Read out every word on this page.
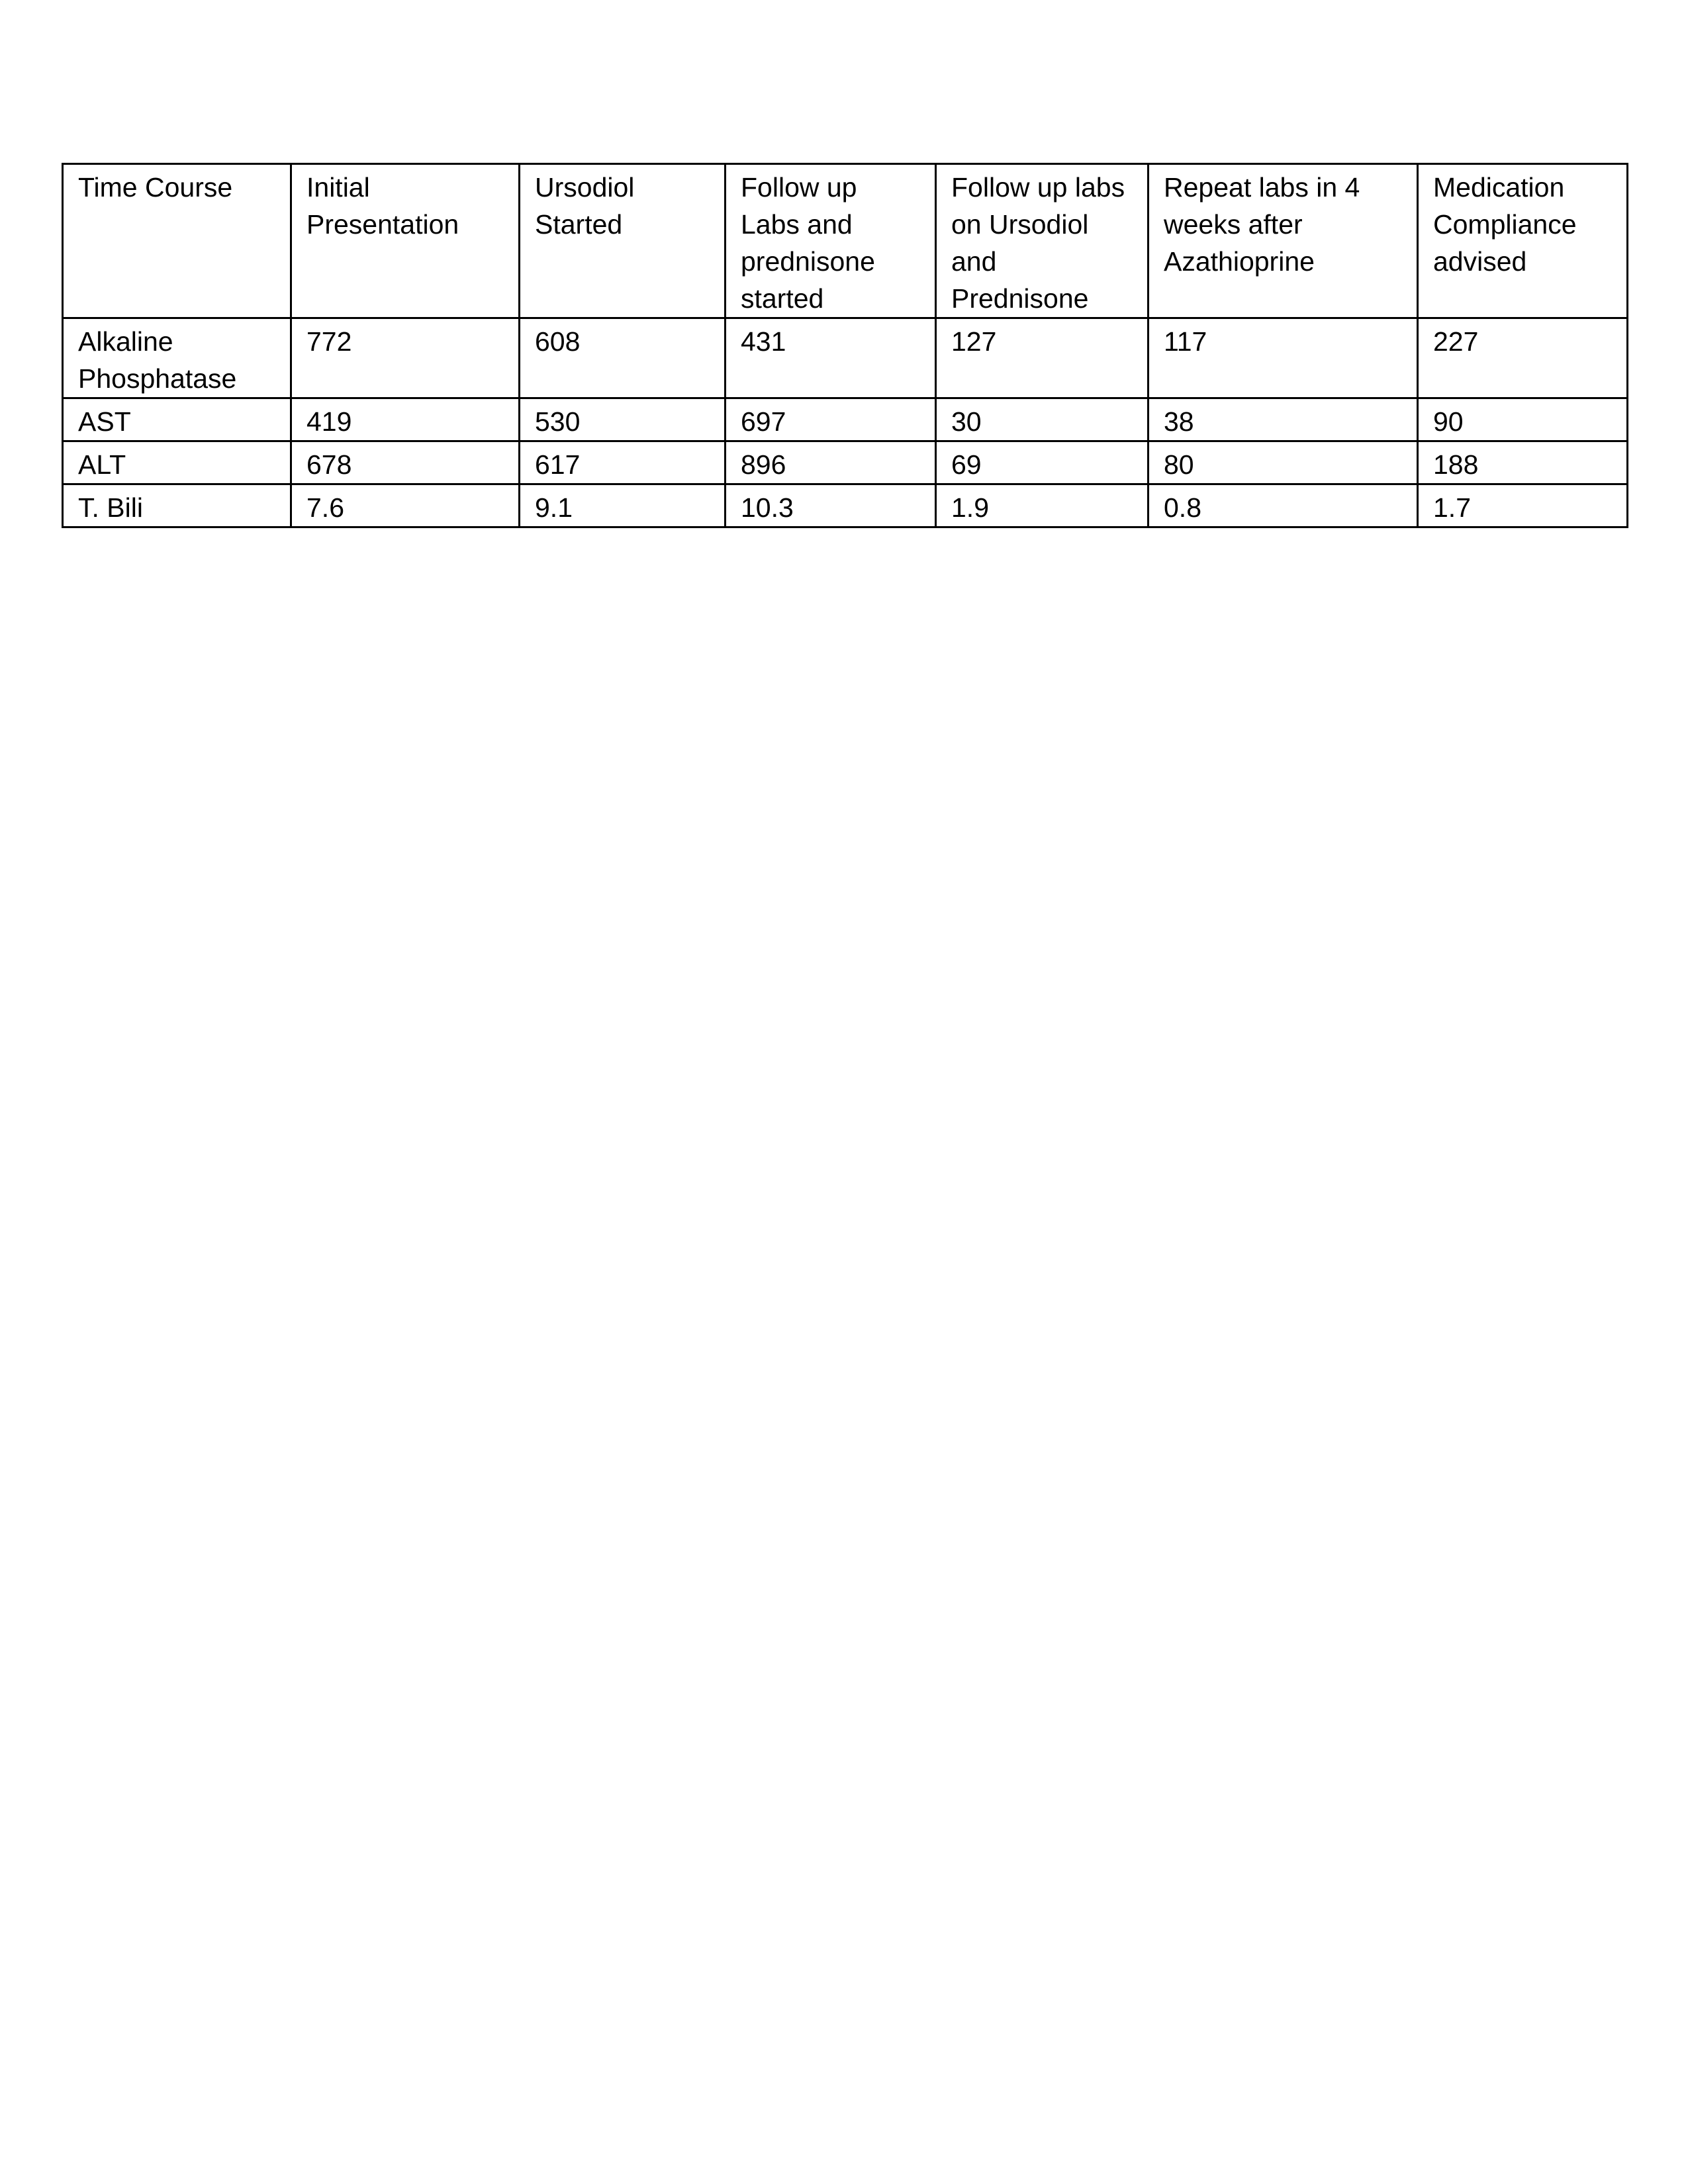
Time Course	Initial Presentation	Ursodiol Started	Follow up Labs and prednisone started	Follow up labs on Ursodiol and Prednisone	Repeat labs in 4 weeks after Azathioprine	Medication Compliance advised
Alkaline Phosphatase	772	608	431	127	117	227
AST	419	530	697	30	38	90
ALT	678	617	896	69	80	188
T. Bili	7.6	9.1	10.3	1.9	0.8	1.7
